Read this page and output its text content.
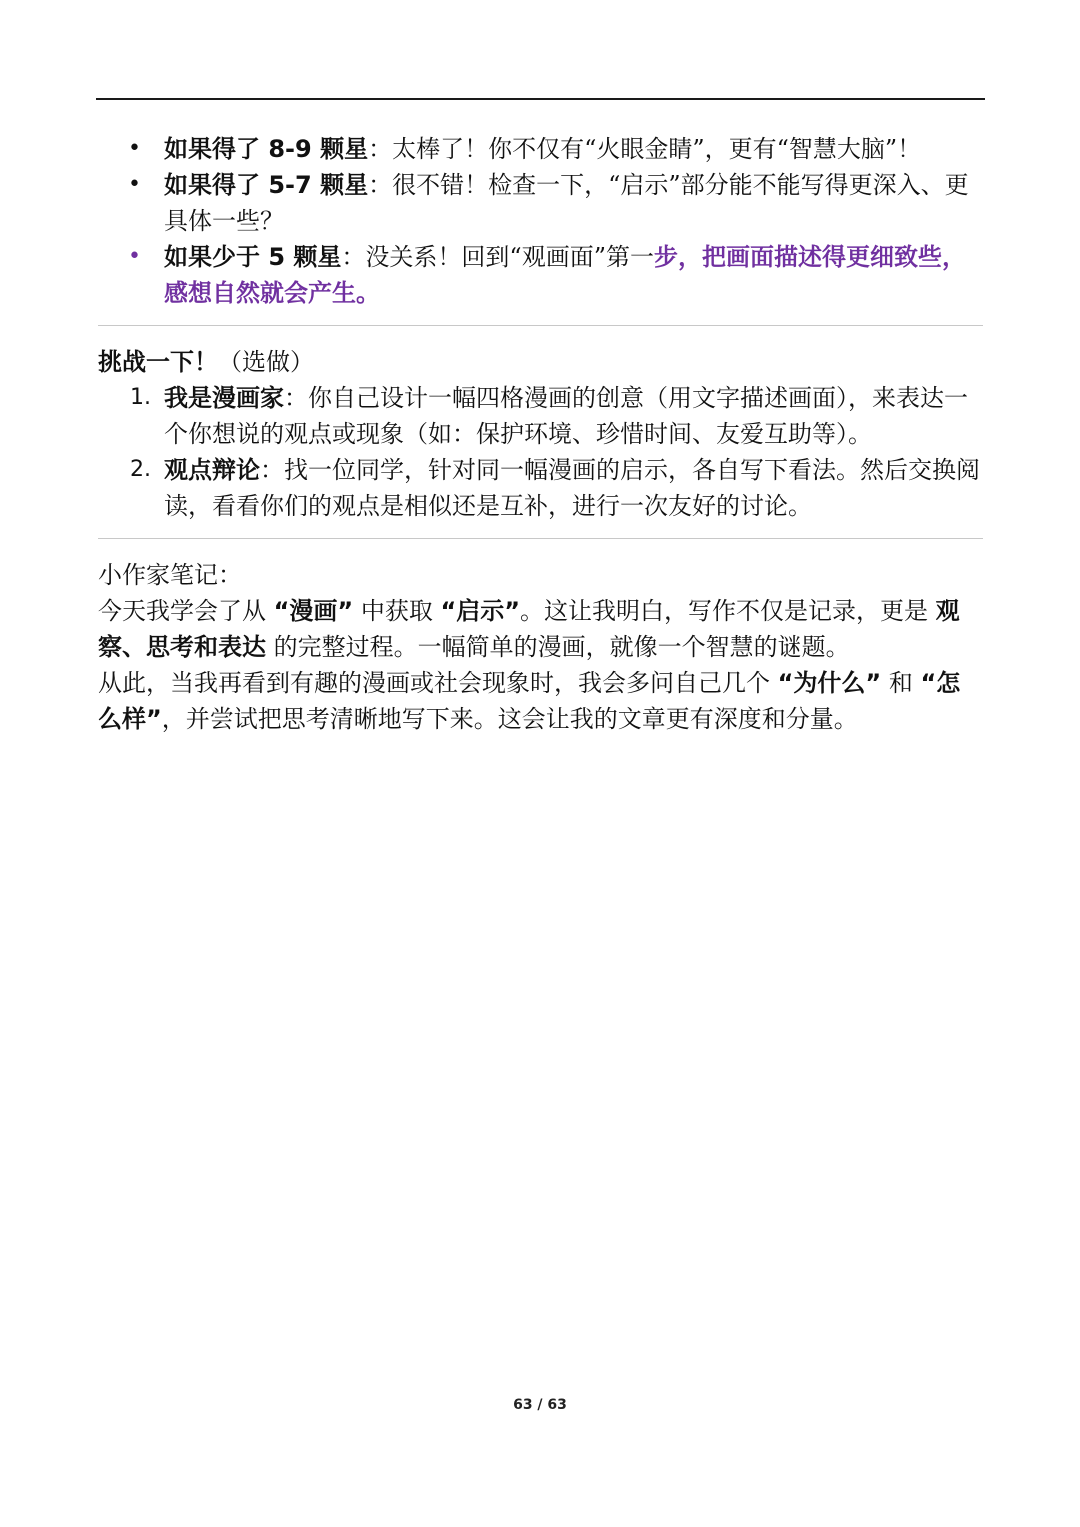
• 如果得了 8-9 颗星：太棒了！你不仅有“火眼金睛”，更有“智慧大脑”！
• 如果得了 5-7 颗星：很不错！检查一下，“启示”部分能不能写得更深入、更具体一些？
• 如果少于 5 颗星：没关系！回到“观画面”第一步，把画面描述得更细致些，感想自然就会产生。
挑战一下！（选做）
1. 我是漫画家：你自己设计一幅四格漫画的创意（用文字描述画面），来表达一个你想说的观点或现象（如：保护环境、珍惜时间、友爱互助等）。
2. 观点辩论：找一位同学，针对同一幅漫画的启示，各自写下看法。然后交换阅读，看看你们的观点是相似还是互补，进行一次友好的讨论。
小作家笔记：

今天我学会了从 “漫画” 中获取 “启示”。这让我明白，写作不仅是记录，更是 观察、思考和表达 的完整过程。一幅简单的漫画，就像一个智慧的谜题。

从此，当我再看到有趣的漫画或社会现象时，我会多问自己几个 “为什么” 和 “怎么样”，并尝试把思考清晰地写下来。这会让我的文章更有深度和分量。

63 / 63
